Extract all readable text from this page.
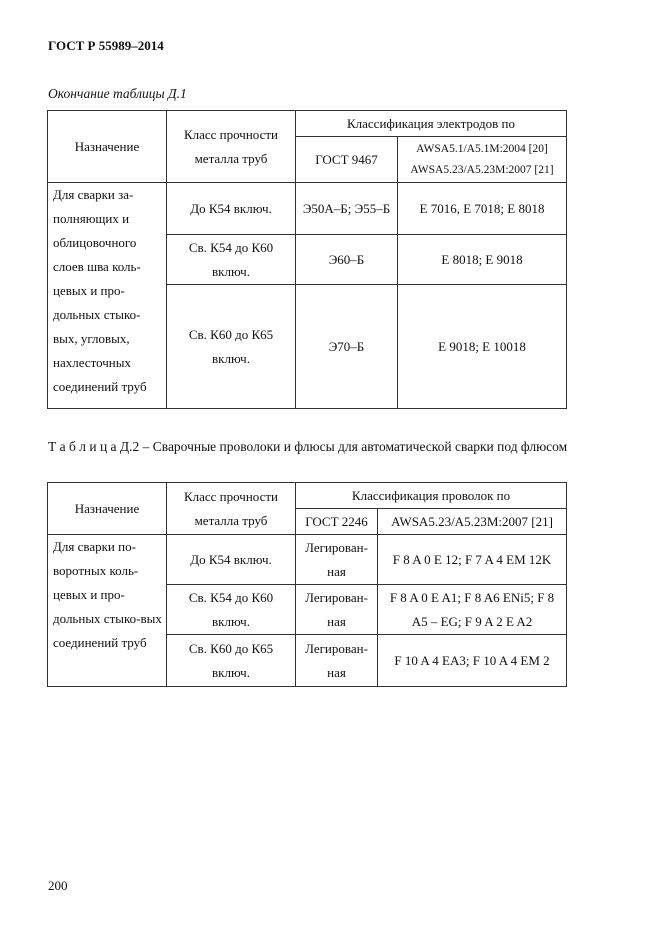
ГОСТ Р 55989–2014
Окончание таблицы Д.1
Назначение	Класс прочности металла труб	Классификация электродов по	
		ГОСТ 9467	AWSA5.1/A5.1M:2004 [20] AWSA5.23/A5.23M:2007 [21]
Для сварки за-полняющих и облицовочного слоев шва коль-цевых и про-дольных стыко-вых, угловых, нахлесточных соединений труб	До К54 включ.	Э50А–Б; Э55–Б	E 7016, E 7018; E 8018
	Св. К54 до К60 включ.	Э60–Б	E 8018; E 9018
	Св. К60 до К65 включ.	Э70–Б	E 9018; E 10018
Т а б л и ц а Д.2 – Сварочные проволоки и флюсы для автоматической сварки под флюсом
Назначение	Класс прочности металла труб	Классификация проволок по	
		ГОСТ 2246	AWSA5.23/A5.23M:2007 [21]
Для сварки по-воротных коль-цевых и про-дольных стыко-вых соединений труб	До К54 включ.	Легирован-ная	F 8 A 0 E 12; F 7 A 4 EM 12K
	Св. К54 до К60 включ.	Легирован-ная	F 8 A 0 E A1; F 8 A6 ENi5; F 8 A5 – EG; F 9 A 2 E A2
	Св. К60 до К65 включ.	Легирован-ная	F 10 A 4 EA3; F 10 A 4 EM 2
200
